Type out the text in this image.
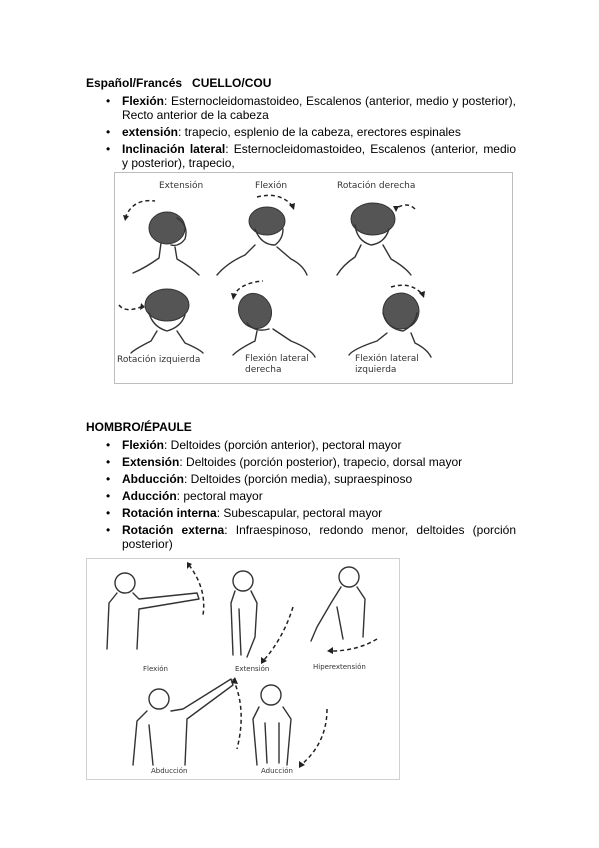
Español/Francés   CUELLO/COU
• Flexión: Esternocleidomastoideo, Escalenos (anterior, medio y posterior), Recto anterior de la cabeza
• extensión: trapecio, esplenio de la cabeza, erectores espinales
• Inclinación lateral: Esternocleidomastoideo, Escalenos (anterior, medio y posterior), trapecio,
Extensión	Flexión	Rotación derecha
Rotación izquierda	Flexión lateral
derecha
Flexión lateral
izquierda
HOMBRO/ÉPAULE
• Flexión: Deltoides (porción anterior), pectoral mayor
• Extensión: Deltoides (porción posterior), trapecio, dorsal mayor
• Abducción: Deltoides (porción media), supraespinoso
• Aducción: pectoral mayor
• Rotación interna: Subescapular, pectoral mayor
• Rotación externa: Infraespinoso, redondo menor, deltoides (porción posterior)
Flexión	Extensión	Hiperextensión
Abducción	Aducción
